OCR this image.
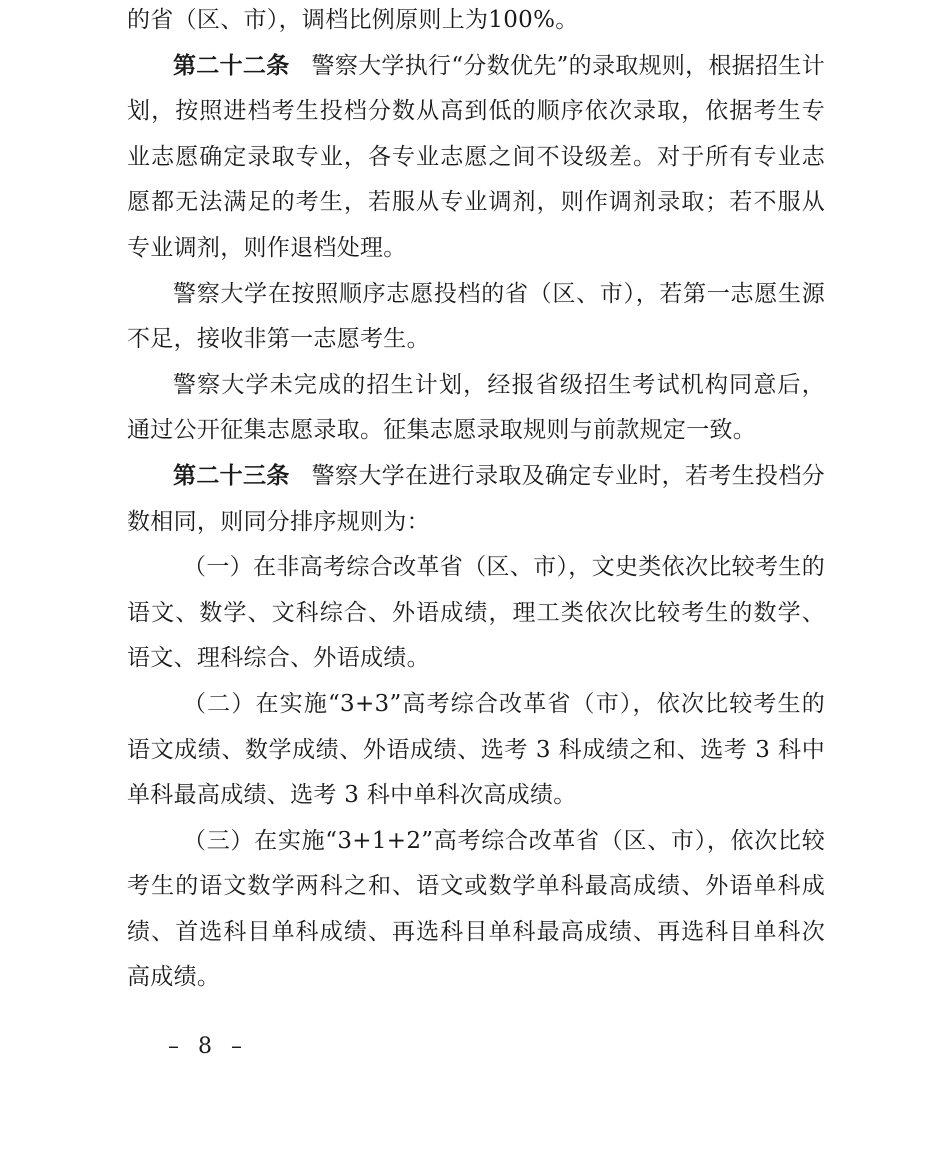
的省（区、市），调档比例原则上为100%。

第二十二条 警察大学执行“分数优先”的录取规则，根据招生计划，按照进档考生投档分数从高到低的顺序依次录取，依据考生专业志愿确定录取专业，各专业志愿之间不设级差。对于所有专业志愿都无法满足的考生，若服从专业调剂，则作调剂录取；若不服从专业调剂，则作退档处理。

警察大学在按照顺序志愿投档的省（区、市），若第一志愿生源不足，接收非第一志愿考生。

警察大学未完成的招生计划，经报省级招生考试机构同意后，通过公开征集志愿录取。征集志愿录取规则与前款规定一致。

第二十三条 警察大学在进行录取及确定专业时，若考生投档分数相同，则同分排序规则为：

（一）在非高考综合改革省（区、市），文史类依次比较考生的语文、数学、文科综合、外语成绩，理工类依次比较考生的数学、语文、理科综合、外语成绩。

（二）在实施“3+3”高考综合改革省（市），依次比较考生的语文成绩、数学成绩、外语成绩、选考 3 科成绩之和、选考 3 科中单科最高成绩、选考 3 科中单科次高成绩。

（三）在实施“3+1+2”高考综合改革省（区、市），依次比较考生的语文数学两科之和、语文或数学单科最高成绩、外语单科成绩、首选科目单科成绩、再选科目单科最高成绩、再选科目单科次高成绩。

– 8 –
